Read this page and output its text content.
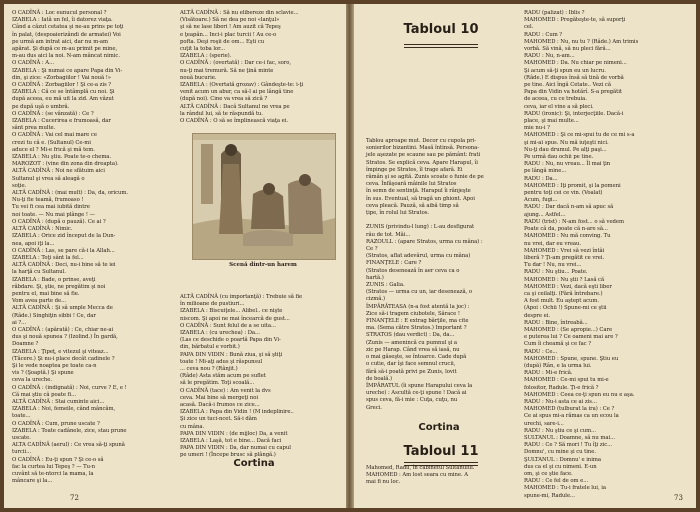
O CADÎNĂ : Loc eunucul personal ?

IZABELA : Iată un fel, îi datorez viaţa.

Când a căzut cetatea şi ne-au prins pe toţi

în palat, (despoaierizândi de armatei) Voi

pe urmă am intrat aici, dar nu m-am

apărat. Şi după ce m-au primit pe mine,

m-au dus aici la noi. N-am mâncat nimic.

O CADÎNĂ : A...

IZABELA : Şi numai ce apare Papa din Vi-

din, şi zice: «Zorbagiilor ! Vai nouă !»

O CADÎNĂ : Zorbagiilor ! Şi ce-a zis ?

IZABELA : Că ce se întâmplă cu noi. Şi

după aceea, eu mă uit la zid. Am văzut

pe după uşă o umbră.

O CADÎNĂ : (se vânzată) : Ce ?

IZABELA : Cucerirea e frumoasă, dar

sânt prea multe.

O CADÎNĂ : Vai cel mai mare ce

crezi tu că e. (Sultanul) Ce-mi

aduce el ? Mi-e frică şi mă tem.

IZABELA : Nu ştiu. Poate te-o chema.

MAROZOT : (vine din zona din dreapta).

ALTĂ CADÎNĂ : Noi ne sfătuim aici

Sultanul şi vrea să aleagă o

soţie.

ALTĂ CADÎNĂ : (mai mult) : Da, da, oricum.

Nu-ţi fie teamă, frumoaso !

Tu vei fi cea mai iubită dintre

noi toate. — Nu mai plânge ! —

O CADÎNĂ : (după o pauză). Ce ai ?

ALTĂ CADÎNĂ : Nimic.

IZABELA : Orice zid început de la Dun-

nea, apoi iţi la...

O CADÎNĂ : Las, se pare că-i la Allah...

IZABELA : Toţi sânt la fel...

ALTĂ CADÎNĂ : Deci, nu-i bine să te iei

la harţă cu Sultanul.

IZABELA : Bade, o prinse, aveţi

răbdare. Şi, ştie, ne pregătim şi noi

pentru el, mai bine să fie.

Vom avea parte de...

ALTĂ CADÎNĂ : Şi să umple Mecca de

(Râde.) Singhiţin sibbi ! Ce, dar

ai ?...

O CADÎNĂ : (apărată) : Ce, chiar ne-ai

dus şi nouă spunea ? (Izolind.) În gardă,

Doamne ?

IZABELA : Ţipeţ, e vitezul şi viteaz...

(Tăcere.) Şi nu-i place decât cadinele ?

Şi le vede noaptea pe toate ca-n

vis ? (Şoaptă.) Şi spune

ceva la ureche.

O CADÎNĂ : (indignată) : Noi, curve ? E, e !

Că mai ştiu că poate fi...

ALTĂ CADÎNĂ : Stai cuminte aici...

IZABELA : Noi, femeile, când mâncăm,

toate...

O CADÎNĂ : Cum, prune uscate ?

IZABELA : Toate cadânele, zice, stau prune

uscate.

ALTA CADÎNĂ (aerul) : Ce vrea să-ţi spună

turcii...

O CADÎNĂ : Eu-ţi spun ? Şi ce-o să

fac la curtea lui Tepeş ? — Tu-n

cuvânt să te-ntorci la mama, la

mâncare şi la...

ALTĂ CADÎNĂ : Să nu elibereze din sclavie...

(Visătoare.) Să ne dea pe noi «lanţul»

şi să ne lase liberi ! Am auzit că Tepeş

e ţeapăn... Inci-i plac turcii ! Au ce-o

pofta. Deşi roşii de om... Eşti cu

cuţit la toba lor...

IZABELA : (sperie).

O CADÎNĂ : (overtată) : Dar ce-i fac, soro,

nu-ţi mai tremură. Să ne ţină minte

nouă bucurie.

IZABELA : (Overtată grozav) : Gândeşte-te: i-ţi

venit acum un abur, ca să-l ai pe lângă tine

(după noi). Cine va vrea să zică ?

ALTĂ CADÎNĂ : Dacă Sultanul ne vrea pe

la rândul lui, să te răspundă tu.

O CADÎNĂ : O să se împlinească viaţa ei.

Scenă dintr-un harem

ALTĂ CADÎNĂ (cu importanţă) : Trebuie să fie

în milioane de pustiuri...

IZABELA : Biscuiţele... Alibel.. ce nişte

niscom. Şi apoi ne mai încearcă de gust...

O CADÎNĂ : Sunt felul de a se uita...

IZABELA : (cu urechea) : Da...

(Las ce deschide o poartă Papa din Vi-

din, bărbatul e vorbit.)

PAPA DIN VIDIN : Bună ziua, şi să ştiţi

toate ! Mi-aţi adus şi răspunsul

... ceva nou ? (Rânjit.)

(Râde) Asta stăm acum pe suflet

să le pregătim. Toţi scoală...

O CADÎNĂ (tace) : Am venit la dvs

ceva. Mai bine să mergeţi noi

acasă. Dacă-i frumos ce zice...

IZABELA : Papa din Vidin ! (M indeplinire..

Şi zice un tuci-ncet. Să-i dăm

cu mâna.

PAPA DIN VIDIN : (de mijloc) Da, a venit

IZABELA : Laşă, tot e bine... Dacă faci

PAPA DIN VIDIN : Da, dar numai cu capul

pe umeri ! (Începe brusc să plângă.)

Cortina
72
Tabloul 10

Tablou aproape mut. Decor cu cupola pri-

sonierilor bizantini. Masă întinsă. Persona-

jele aşezate pe scaune sau pe pământ: frati

Stratos. Se explică ceva. Apare Harapul, îi

împinge pe Stratos, îl trage afară. Ei

râmân şi se agită. Zunis scoate o funie de pe

ceva. Înfăşoară mâinile lui Stratos

în semn de sentinţă. Harapul îi rânjeşte

în sus. Eventual, să tragă un ghiont. Apoi

ceva pleacă. Pauză, să aibă timp să

țipe, în rolul lui Stratos.

ZUNIS (privindu-l lung) : L-au desfigurat

rău de tot. Măi...

RAZOULL : (apare Stratos, urma cu mâna) :

Ce ?

(Stratos, aflat adevărul, urma cu mâna)

FINANŢELE : Care ?

(Stratos desenează în aer ceva ca o

hartă.)

ZUNIS : Galia.

(Stratos — urma cu un, iar desenează, o

cizmă.)

ÎMPĂRĂTEASA (n-a fost atentă la joc) :

Zice să-i tragem ciubotele, Sărace !

FINANŢELE : E extrag bărţile, ma cite

ma. (Sema către Stratos.) Important ?

STRATOS (dau verdict) : Da, da...

(Zunis — amenincă cu pumnul şi a

zic pe Harap. Când vrea să iasă, nu

o mai găseşte, se întoarce. Cade după

o cutie, dar îşi face semnul crucii,

fără să-i poată privi pe Zunis, lovit

de boală.)

ÎMPĂRATUL (îi spune Harapului ceva la

ureche) : Ascultă ce-ţi spune ! Dacă ai

spus ceva, fă-i mie : Cuţa, cuţu, nu

Greci.

Cortina
Tabloul 11

Mahomed, Radu, în cabinetul Sultanului.

MAHOMED : Am lost seara cu mine. A

mai fi nu loc.

RADU (palizat) : Iblis ?

MAHOMED : Pregăteşte-te, să suporţi

cel.

RADU : Cum ?

MAHOMED : Nu, nu tu ? (Râde.) Am trimis

vorbă. Să vină, să nu pleci fără...

RADU : Nu, n-am...

MAHOMED : Da. Nu chiar pe nimeni...

Şi acum să-ţi spun eu un lucru.

(Râde.) E dispus însă să tină de vorbă

pe tine. Aici îngă Cetate.. Vezi că

Papa din Vidin va hotărî. S-a pregătit

de aceea, cu ce trebuia.

ceva, iar el vine a să pleci.

RADU (ironic): Şi, interjecţiile. Dacă-i

place, şi mai multe...

mie nu-i ?

MAHOMED : Şi ce mi-spui tu de ce mi s-a

şi mi-ai spus. Nu mă iuţeşti nici.

Nu-ţi dau drumul. Pe alţi paşi...

Pe urmă dau ochii pe tine.

RADU : Nu, nu vreau... Îl mai ţin

pe lângă mine...

RADU : Da...

MAHOMED : Iţi promit, şi la pomeni

pentru toţi cei ce vin. (Voalat)

Acum, fugi...

RADU : Dar dacă n-am să apuc să

ajung... Astfel...

RADU (trist) : N-am fost... o să vedem

Poate că da, poate că n-are să...

MAHOMED : Nu mă conving. Tu

nu vrei, dar eu vreau.

MAHOMED : Vrei să vezi întâi

liberă ? Ţi-am pregătit ce vrei.

Tu dar ! Nu, nu vrei...

RADU : Nu ştiu... Poate.

MAHOMED : Nu ştii ? Lasă că

MAHOMED : Vezi, dacă eşti liber

ca şi ceilalţi. (Fără întrebare.)

A fost mult. Eu aştept acum.

(Apoi : Ochii !) Spune-mi ce ştii

despre ei.

RADU : Bine, întreabă...

MAHOMED : (Se apropie...) Care

e puterea lui ? Ce oameni mai are ?

Cum îi cheamă şi ce fac ?

RADU : Ce...

MAHOMED : Spune, spune. Ştiu eu

(după) Rân, e la urma lui.

RADU : Mi-e frică.

MAHOMED : Ce-mi spui tu mi-e

folositor, Radule. Ţi-e frică ?

MAHOMED : Ceea ce-ţi spun eu nu e aşa.

RADU : Nu-i asta ce ai zis...

MAHOMED (tulburat la ira) : Ce ?

Ce ai spus mi-a rămas ca un ecou la

urechi, sare-i...

RADU : Nu ştiu ce şi cum...

SULTANUL : Doamne, să nu mai...

RADU : Ce ? Să mori ! Tu îţi zic...

Domnu', cu mine şi cu tine.

ŞULTANUL : Domnu' e inima

dus ca el şi cu nimeni. E-un

om, şi ce ştie face.

RADU : Ce fel de om e...

MAHOMED : Tu-i fratele lui, ia

spune-mi, Radule...	73
